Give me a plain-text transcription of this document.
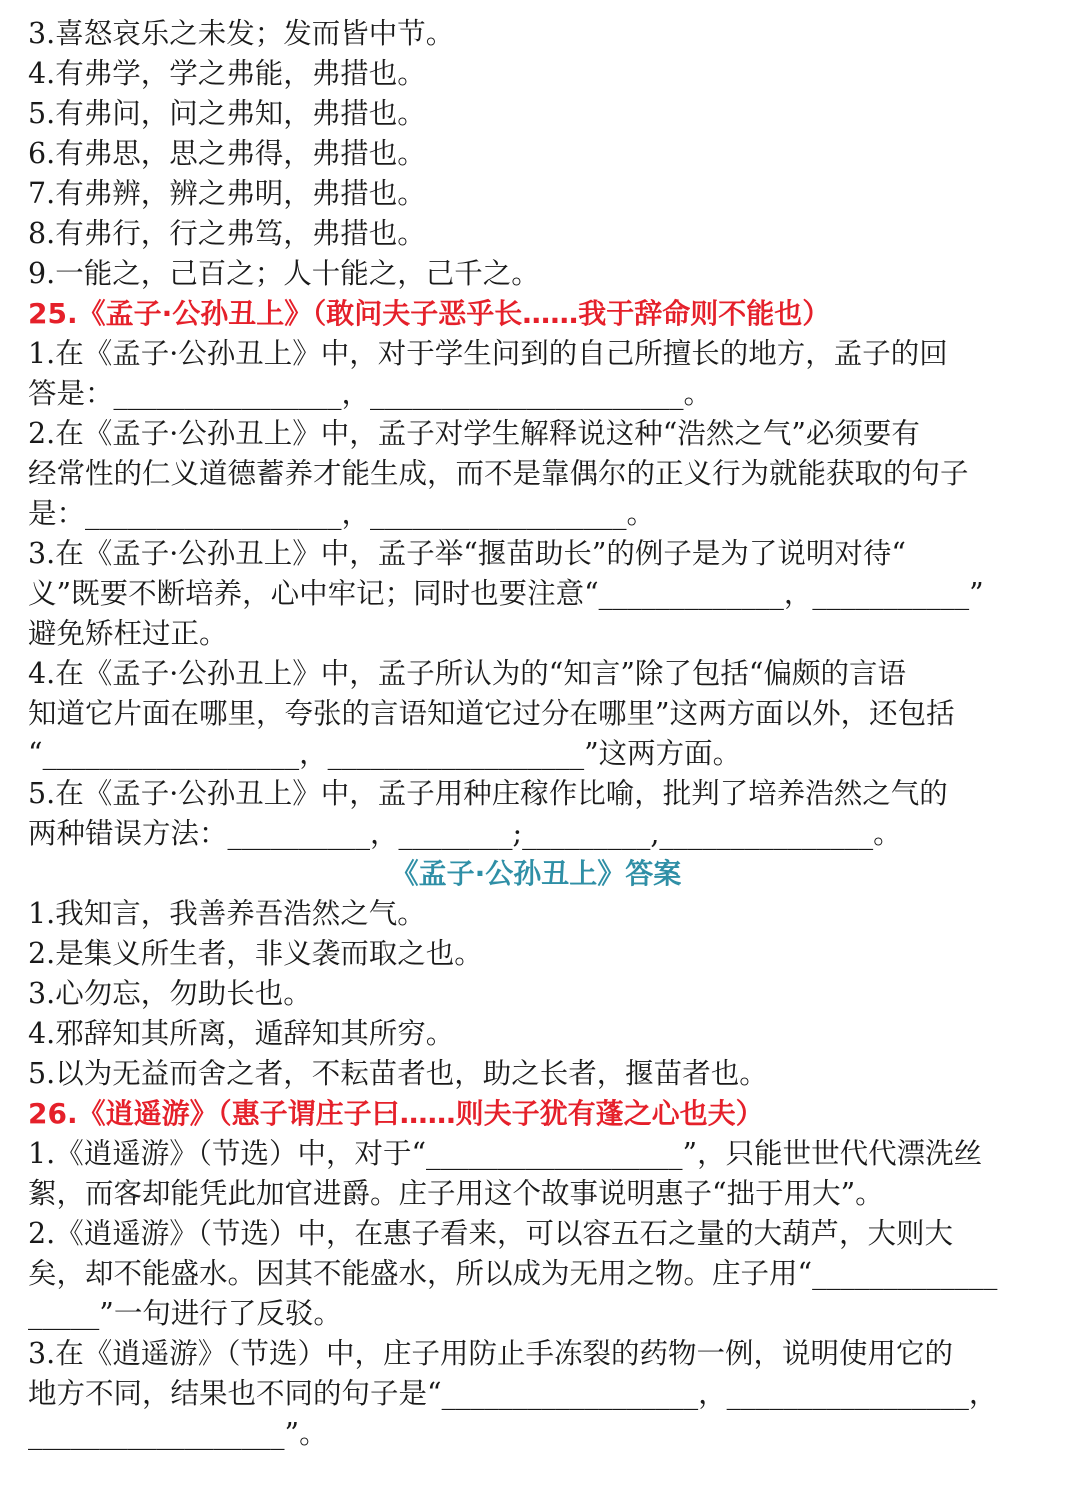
3.喜怒哀乐之未发；发而皆中节。
4.有弗学，学之弗能，弗措也。
5.有弗问，问之弗知，弗措也。
6.有弗思，思之弗得，弗措也。
7.有弗辨，辨之弗明，弗措也。
8.有弗行，行之弗笃，弗措也。
9.一能之，己百之；人十能之，己千之。
25.《孟子·公孙丑上》（敢问夫子恶乎长……我于辞命则不能也）
1.在《孟子·公孙丑上》中，对于学生问到的自己所擅长的地方，孟子的回
答是：________________，______________________。
2.在《孟子·公孙丑上》中，孟子对学生解释说这种“浩然之气”必须要有
经常性的仁义道德蓄养才能生成，而不是靠偶尔的正义行为就能获取的句子
是：__________________，__________________。
3.在《孟子·公孙丑上》中，孟子举“揠苗助长”的例子是为了说明对待“
义”既要不断培养，心中牢记；同时也要注意“_____________，___________”
避免矫枉过正。
4.在《孟子·公孙丑上》中，孟子所认为的“知言”除了包括“偏颇的言语
知道它片面在哪里，夸张的言语知道它过分在哪里”这两方面以外，还包括
“__________________，__________________”这两方面。
5.在《孟子·公孙丑上》中，孟子用种庄稼作比喻，批判了培养浩然之气的
两种错误方法：__________，________;_________,_______________。
《孟子·公孙丑上》答案
1.我知言，我善养吾浩然之气。
2.是集义所生者，非义袭而取之也。
3.心勿忘，勿助长也。
4.邪辞知其所离，遁辞知其所穷。
5.以为无益而舍之者，不耘苗者也，助之长者，揠苗者也。
26.《逍遥游》（惠子谓庄子曰……则夫子犹有蓬之心也夫）
1.《逍遥游》（节选）中，对于“__________________”，只能世世代代漂洗丝
絮，而客却能凭此加官进爵。庄子用这个故事说明惠子“拙于用大”。
2.《逍遥游》（节选）中，在惠子看来，可以容五石之量的大葫芦，大则大
矣，却不能盛水。因其不能盛水，所以成为无用之物。庄子用“_____________
_____”一句进行了反驳。
3.在《逍遥游》（节选）中，庄子用防止手冻裂的药物一例，说明使用它的
地方不同，结果也不同的句子是“__________________，_________________，
__________________”。
